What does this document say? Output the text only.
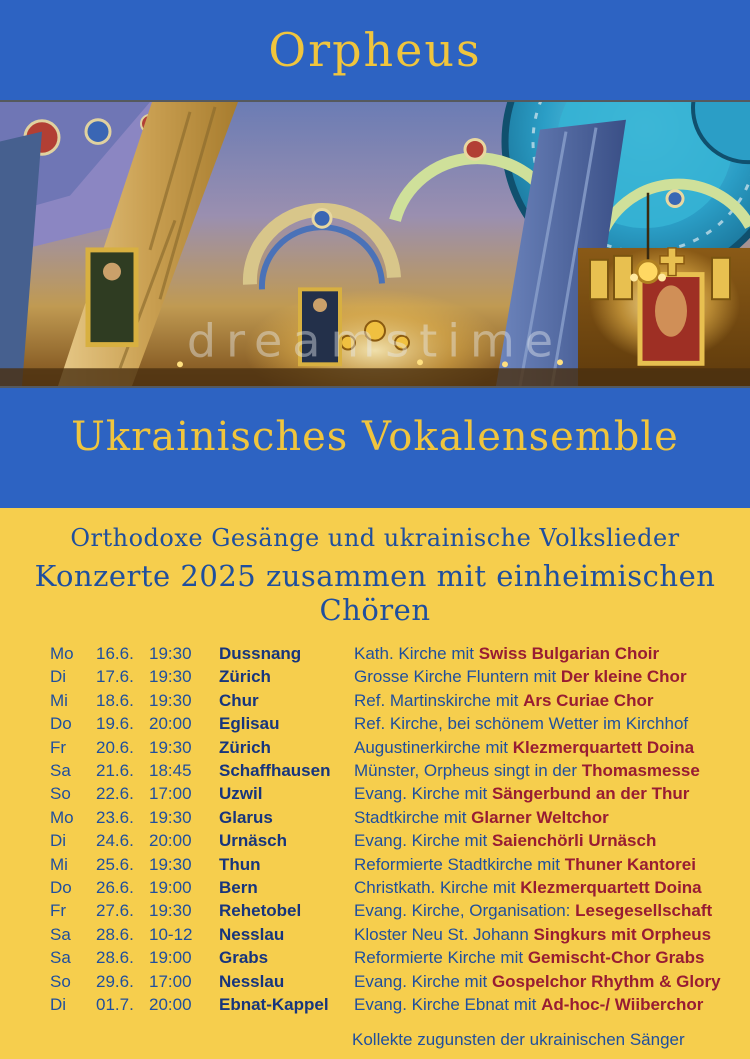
Orpheus
dreamstime
Ukrainisches Vokalensemble
Orthodoxe Gesänge und ukrainische Volkslieder
Konzerte 2025 zusammen mit einheimischen Chören
Mo	16.6. 19:30	Dussnang	Kath. Kirche mit Swiss Bulgarian Choir
Di	17.6. 19:30	Zürich	Grosse Kirche Fluntern mit Der kleine Chor
Mi	18.6. 19:30	Chur	Ref. Martinskirche mit Ars Curiae Chor
Do	19.6. 20:00	Eglisau	Ref. Kirche, bei schönem Wetter im Kirchhof
Fr	20.6. 19:30	Zürich	Augustinerkirche mit Klezmerquartett Doina
Sa	21.6. 18:45	Schaffhausen	Münster, Orpheus singt in der Thomasmesse
So	22.6. 17:00	Uzwil	Evang. Kirche mit Sängerbund an der Thur
Mo	23.6. 19:30	Glarus	Stadtkirche mit Glarner Weltchor
Di	24.6. 20:00	Urnäsch	Evang. Kirche mit Saienchörli Urnäsch
Mi	25.6. 19:30	Thun	Reformierte Stadtkirche mit Thuner Kantorei
Do	26.6. 19:00	Bern	Christkath. Kirche mit Klezmerquartett Doina
Fr	27.6. 19:30	Rehetobel	Evang. Kirche, Organisation: Lesegesellschaft
Sa	28.6. 10-12	Nesslau	Kloster Neu St. Johann Singkurs mit Orpheus
Sa	28.6. 19:00	Grabs	Reformierte Kirche mit Gemischt-Chor Grabs
So	29.6. 17:00	Nesslau	Evang. Kirche mit Gospelchor Rhythm & Glory
Di	01.7. 20:00	Ebnat-Kappel	Evang. Kirche Ebnat mit Ad-hoc-/ Wiiberchor
Kollekte zugunsten der ukrainischen Sänger
